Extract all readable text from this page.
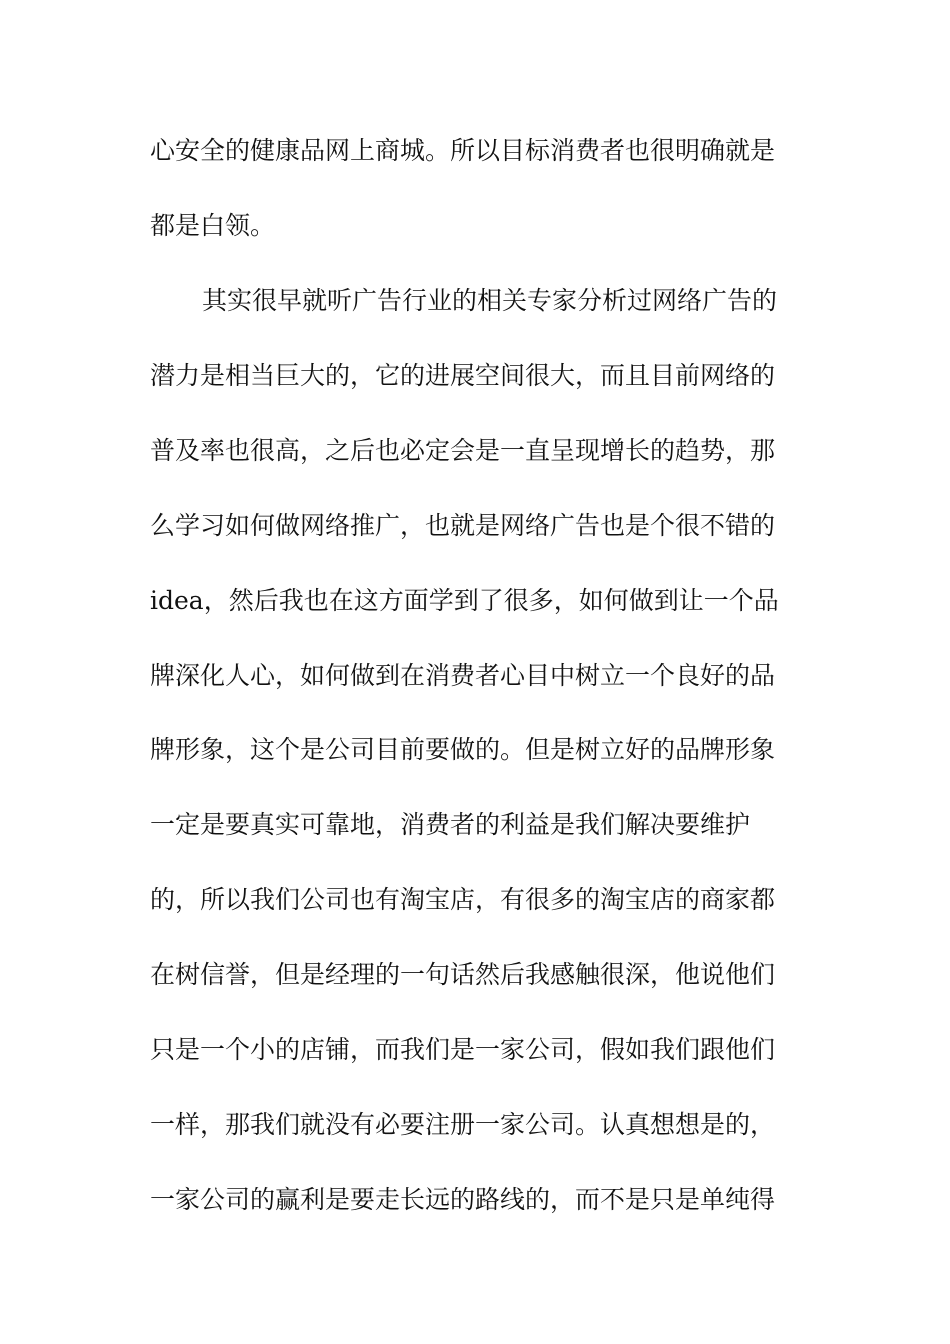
心安全的健康品网上商城。所以目标消费者也很明确就是
都是白领。
其实很早就听广告行业的相关专家分析过网络广告的
潜力是相当巨大的，它的进展空间很大，而且目前网络的
普及率也很高，之后也必定会是一直呈现增长的趋势，那
么学习如何做网络推广，也就是网络广告也是个很不错的
idea，然后我也在这方面学到了很多，如何做到让一个品
牌深化人心，如何做到在消费者心目中树立一个良好的品
牌形象，这个是公司目前要做的。但是树立好的品牌形象
一定是要真实可靠地，消费者的利益是我们解决要维护
的，所以我们公司也有淘宝店，有很多的淘宝店的商家都
在树信誉，但是经理的一句话然后我感触很深，他说他们
只是一个小的店铺，而我们是一家公司，假如我们跟他们
一样，那我们就没有必要注册一家公司。认真想想是的，
一家公司的赢利是要走长远的路线的，而不是只是单纯得
